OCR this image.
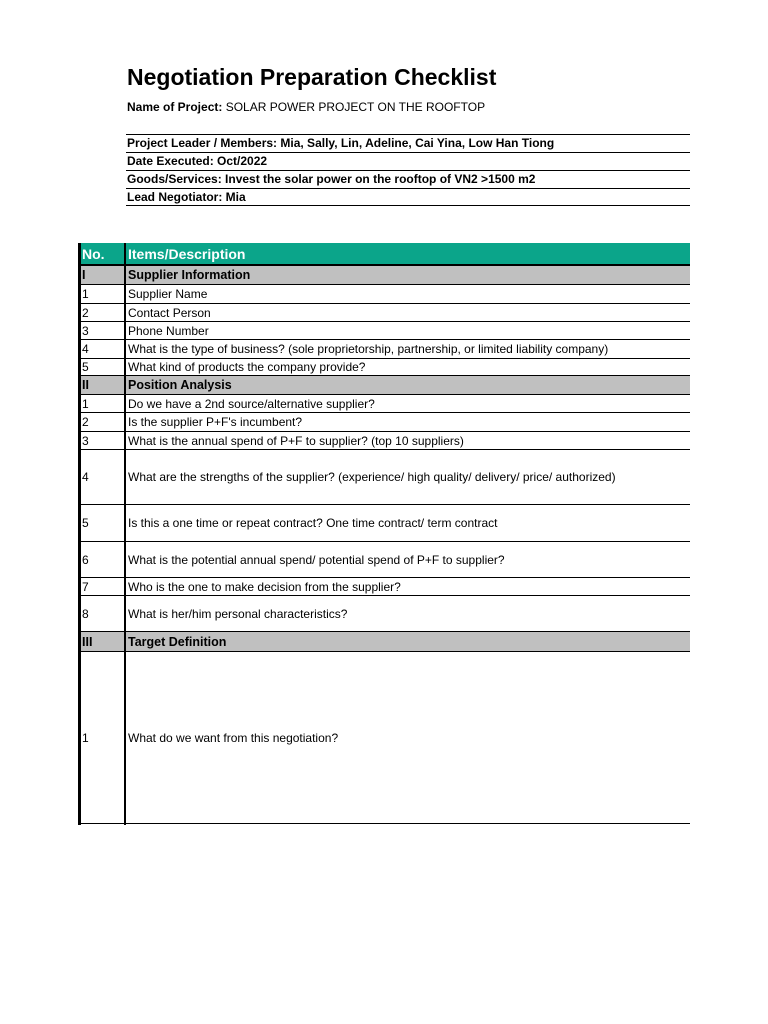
Negotiation Preparation Checklist
Name of Project: SOLAR POWER PROJECT ON THE ROOFTOP
Project Leader / Members: Mia, Sally, Lin, Adeline, Cai Yina, Low Han Tiong
Date Executed: Oct/2022
Goods/Services: Invest the solar power on the rooftop of VN2 >1500 m2
Lead Negotiator: Mia
No.	Items/Description
I	Supplier Information
1	Supplier Name
2	Contact Person
3	Phone Number
4	What is the type of business? (sole proprietorship, partnership, or limited liability company)
5	What kind of products the company provide?
II	Position Analysis
1	Do we have a 2nd source/alternative supplier?
2	Is the supplier P+F's incumbent?
3	What is the annual spend of P+F to supplier? (top 10 suppliers)
4	What are the strengths of the supplier? (experience/ high quality/ delivery/ price/ authorized)
5	Is this a one time or repeat contract? One time contract/ term contract
6	What is the potential annual spend/ potential spend of P+F to supplier?
7	Who is the one to make decision from the supplier?
8	What is her/him personal characteristics?
III	Target Definition
1	What do we want from this negotiation?
